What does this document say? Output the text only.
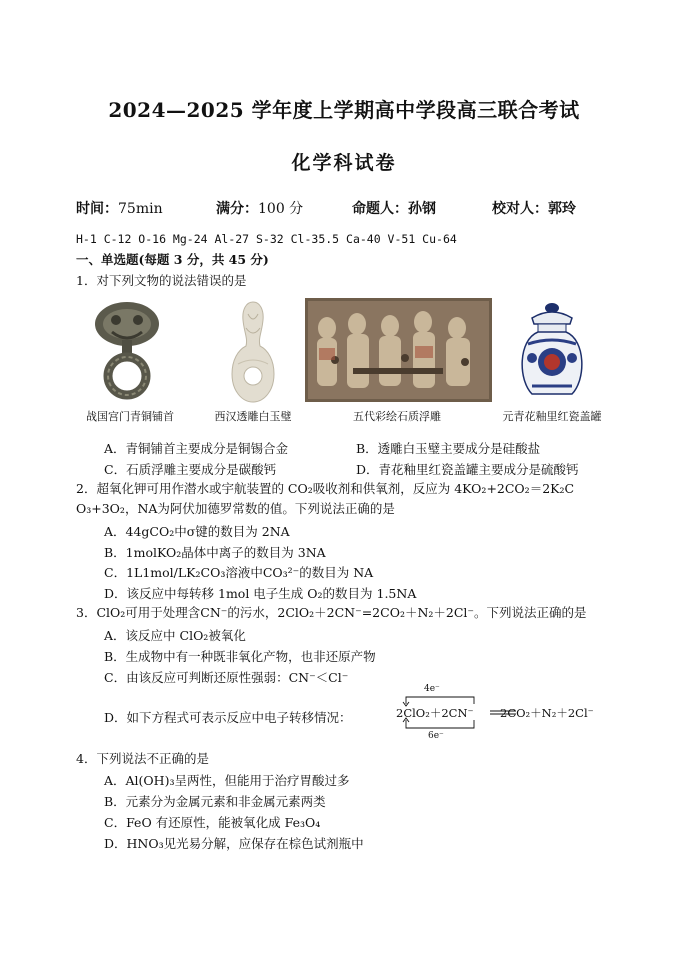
2024—2025 学年度上学期高中学段高三联合考试
化学科试卷
时间：75min	满分：100 分	命题人：孙钢	校对人：郭玲
H-1 C-12 O-16 Mg-24 Al-27 S-32 Cl-35.5 Ca-40 V-51 Cu-64
一、单选题(每题 3 分，共 45 分)
1．对下列文物的说法错误的是
战国宫门青铜铺首	西汉透雕白玉璧	五代彩绘石质浮雕	元青花釉里红瓷盖罐
A．青铜铺首主要成分是铜锡合金	B．透雕白玉璧主要成分是硅酸盐
C．石质浮雕主要成分是碳酸钙	D．青花釉里红瓷盖罐主要成分是硫酸钙
2．超氧化钾可用作潜水或宇航装置的 CO₂吸收剂和供氧剂，反应为 4KO₂+2CO₂＝2K₂C
O₃+3O₂，NA为阿伏加德罗常数的值。下列说法正确的是
A．44gCO₂中σ键的数目为 2NA
B．1molKO₂晶体中离子的数目为 3NA
C．1L1mol/LK₂CO₃溶液中CO₃²⁻的数目为 NA
D．该反应中每转移 1mol 电子生成 O₂的数目为 1.5NA
3．ClO₂可用于处理含CN⁻的污水，2ClO₂＋2CN⁻=2CO₂＋N₂＋2Cl⁻。下列说法正确的是
A．该反应中 ClO₂被氧化
B．生成物中有一种既非氧化产物，也非还原产物
C．由该反应可判断还原性强弱：CN⁻＜Cl⁻
D．如下方程式可表示反应中电子转移情况：
4e⁻
2ClO₂＋2CN⁻ 2CO₂＋N₂＋2Cl⁻
6e⁻
4．下列说法不正确的是
A．Al(OH)₃呈两性，但能用于治疗胃酸过多
B．元素分为金属元素和非金属元素两类
C．FeO 有还原性，能被氧化成 Fe₃O₄
D．HNO₃见光易分解，应保存在棕色试剂瓶中
